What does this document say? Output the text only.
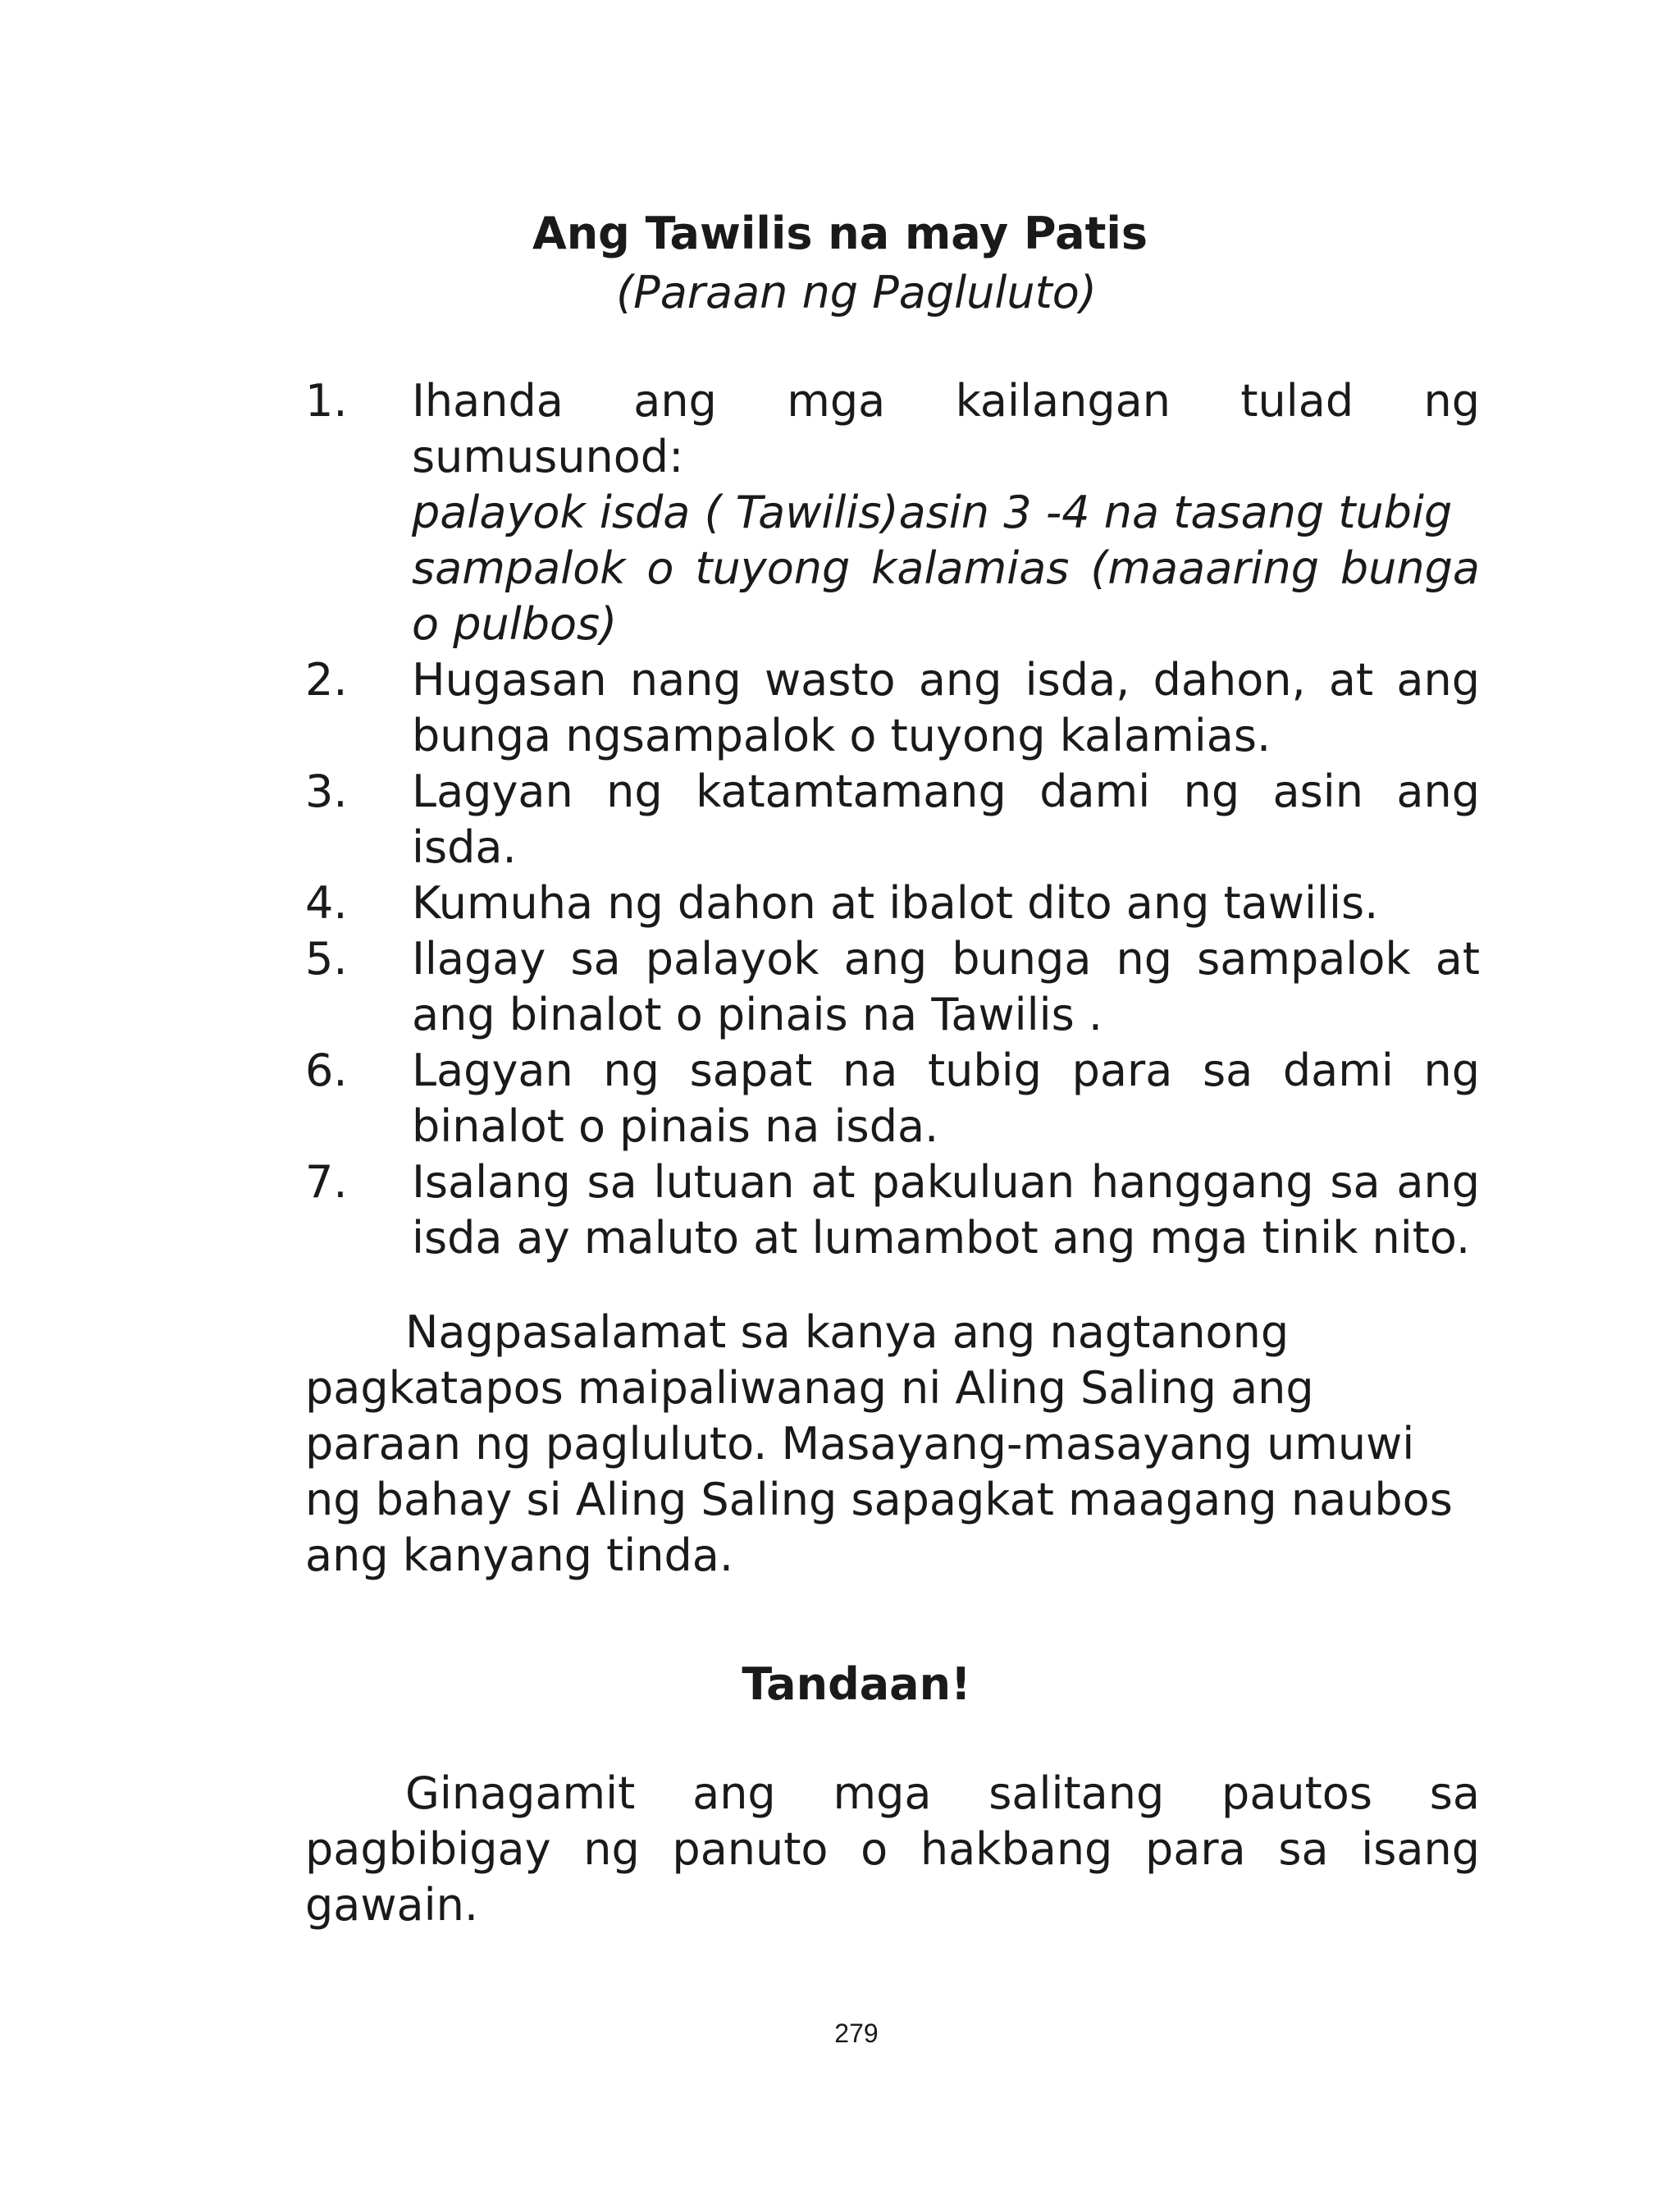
Ang Tawilis na may Patis
(Paraan ng Pagluluto)
1. Ihanda ang mga kailangan tulad ng sumusunod:
palayok isda ( Tawilis)asin 3 -4 na tasang tubig
sampalok o tuyong kalamias (maaaring bunga o pulbos)
2. Hugasan nang wasto ang isda, dahon, at ang bunga ngsampalok o tuyong kalamias.
3. Lagyan ng katamtamang dami ng asin ang isda.
4. Kumuha ng dahon at ibalot dito ang tawilis.
5. Ilagay sa palayok ang bunga ng sampalok at ang binalot o pinais na Tawilis .
6. Lagyan ng sapat na tubig para sa dami ng binalot o pinais na isda.
7. Isalang sa lutuan at pakuluan hanggang sa ang isda ay maluto at lumambot ang mga tinik nito.

Nagpasalamat sa kanya ang nagtanong pagkatapos maipaliwanag ni Aling Saling ang paraan ng pagluluto. Masayang-masayang umuwi ng bahay si Aling Saling sapagkat maagang naubos ang kanyang tinda.

Tandaan!

Ginagamit ang mga salitang pautos sa pagbibigay ng panuto o hakbang para sa isang gawain.

279
